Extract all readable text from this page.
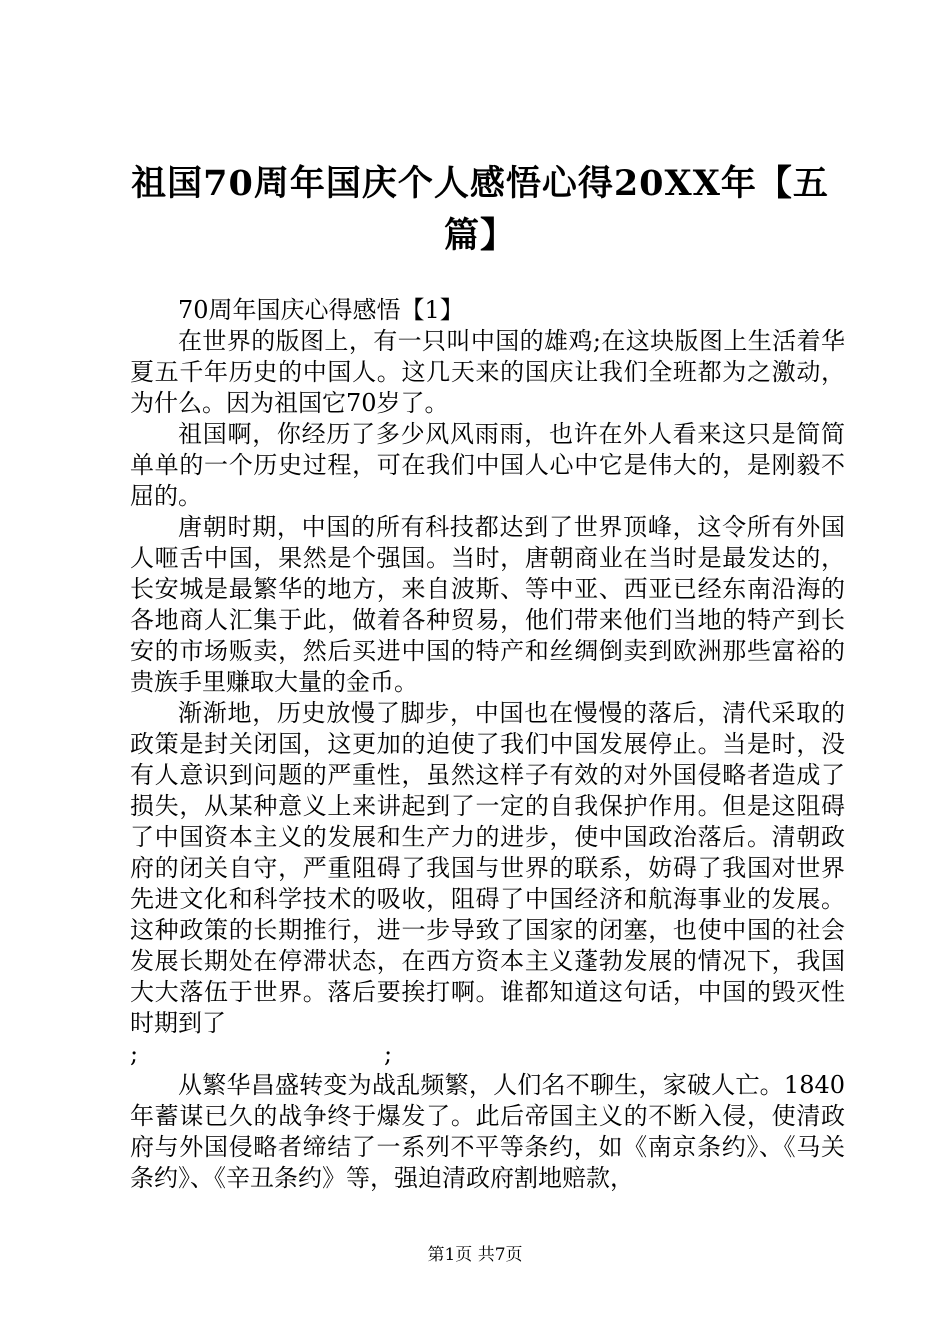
祖国70周年国庆个人感悟心得20XX年【五篇】

70周年国庆心得感悟【1】

在世界的版图上，有一只叫中国的雄鸡;在这块版图上生活着华夏五千年历史的中国人。这几天来的国庆让我们全班都为之激动，为什么。因为祖国它70岁了。

祖国啊，你经历了多少风风雨雨，也许在外人看来这只是简简单单的一个历史过程，可在我们中国人心中它是伟大的，是刚毅不屈的。

唐朝时期，中国的所有科技都达到了世界顶峰，这令所有外国人咂舌中国，果然是个强国。当时，唐朝商业在当时是最发达的，长安城是最繁华的地方，来自波斯、等中亚、西亚已经东南沿海的各地商人汇集于此，做着各种贸易，他们带来他们当地的特产到长安的市场贩卖，然后买进中国的特产和丝绸倒卖到欧洲那些富裕的贵族手里赚取大量的金币。

渐渐地，历史放慢了脚步，中国也在慢慢的落后，清代采取的政策是封关闭国，这更加的迫使了我们中国发展停止。当是时，没有人意识到问题的严重性，虽然这样子有效的对外国侵略者造成了损失，从某种意义上来讲起到了一定的自我保护作用。但是这阻碍了中国资本主义的发展和生产力的进步，使中国政治落后。清朝政府的闭关自守，严重阻碍了我国与世界的联系，妨碍了我国对世界先进文化和科学技术的吸收，阻碍了中国经济和航海事业的发展。这种政策的长期推行，进一步导致了国家的闭塞，也使中国的社会发展长期处在停滞状态，在西方资本主义蓬勃发展的情况下，我国大大落伍于世界。落后要挨打啊。谁都知道这句话，中国的毁灭性时期到了

;	;

从繁华昌盛转变为战乱频繁，人们名不聊生，家破人亡。1840年蓄谋已久的战争终于爆发了。此后帝国主义的不断入侵，使清政府与外国侵略者缔结了一系列不平等条约，如《南京条约》、《马关条约》、《辛丑条约》等，强迫清政府割地赔款，

第1页 共7页
